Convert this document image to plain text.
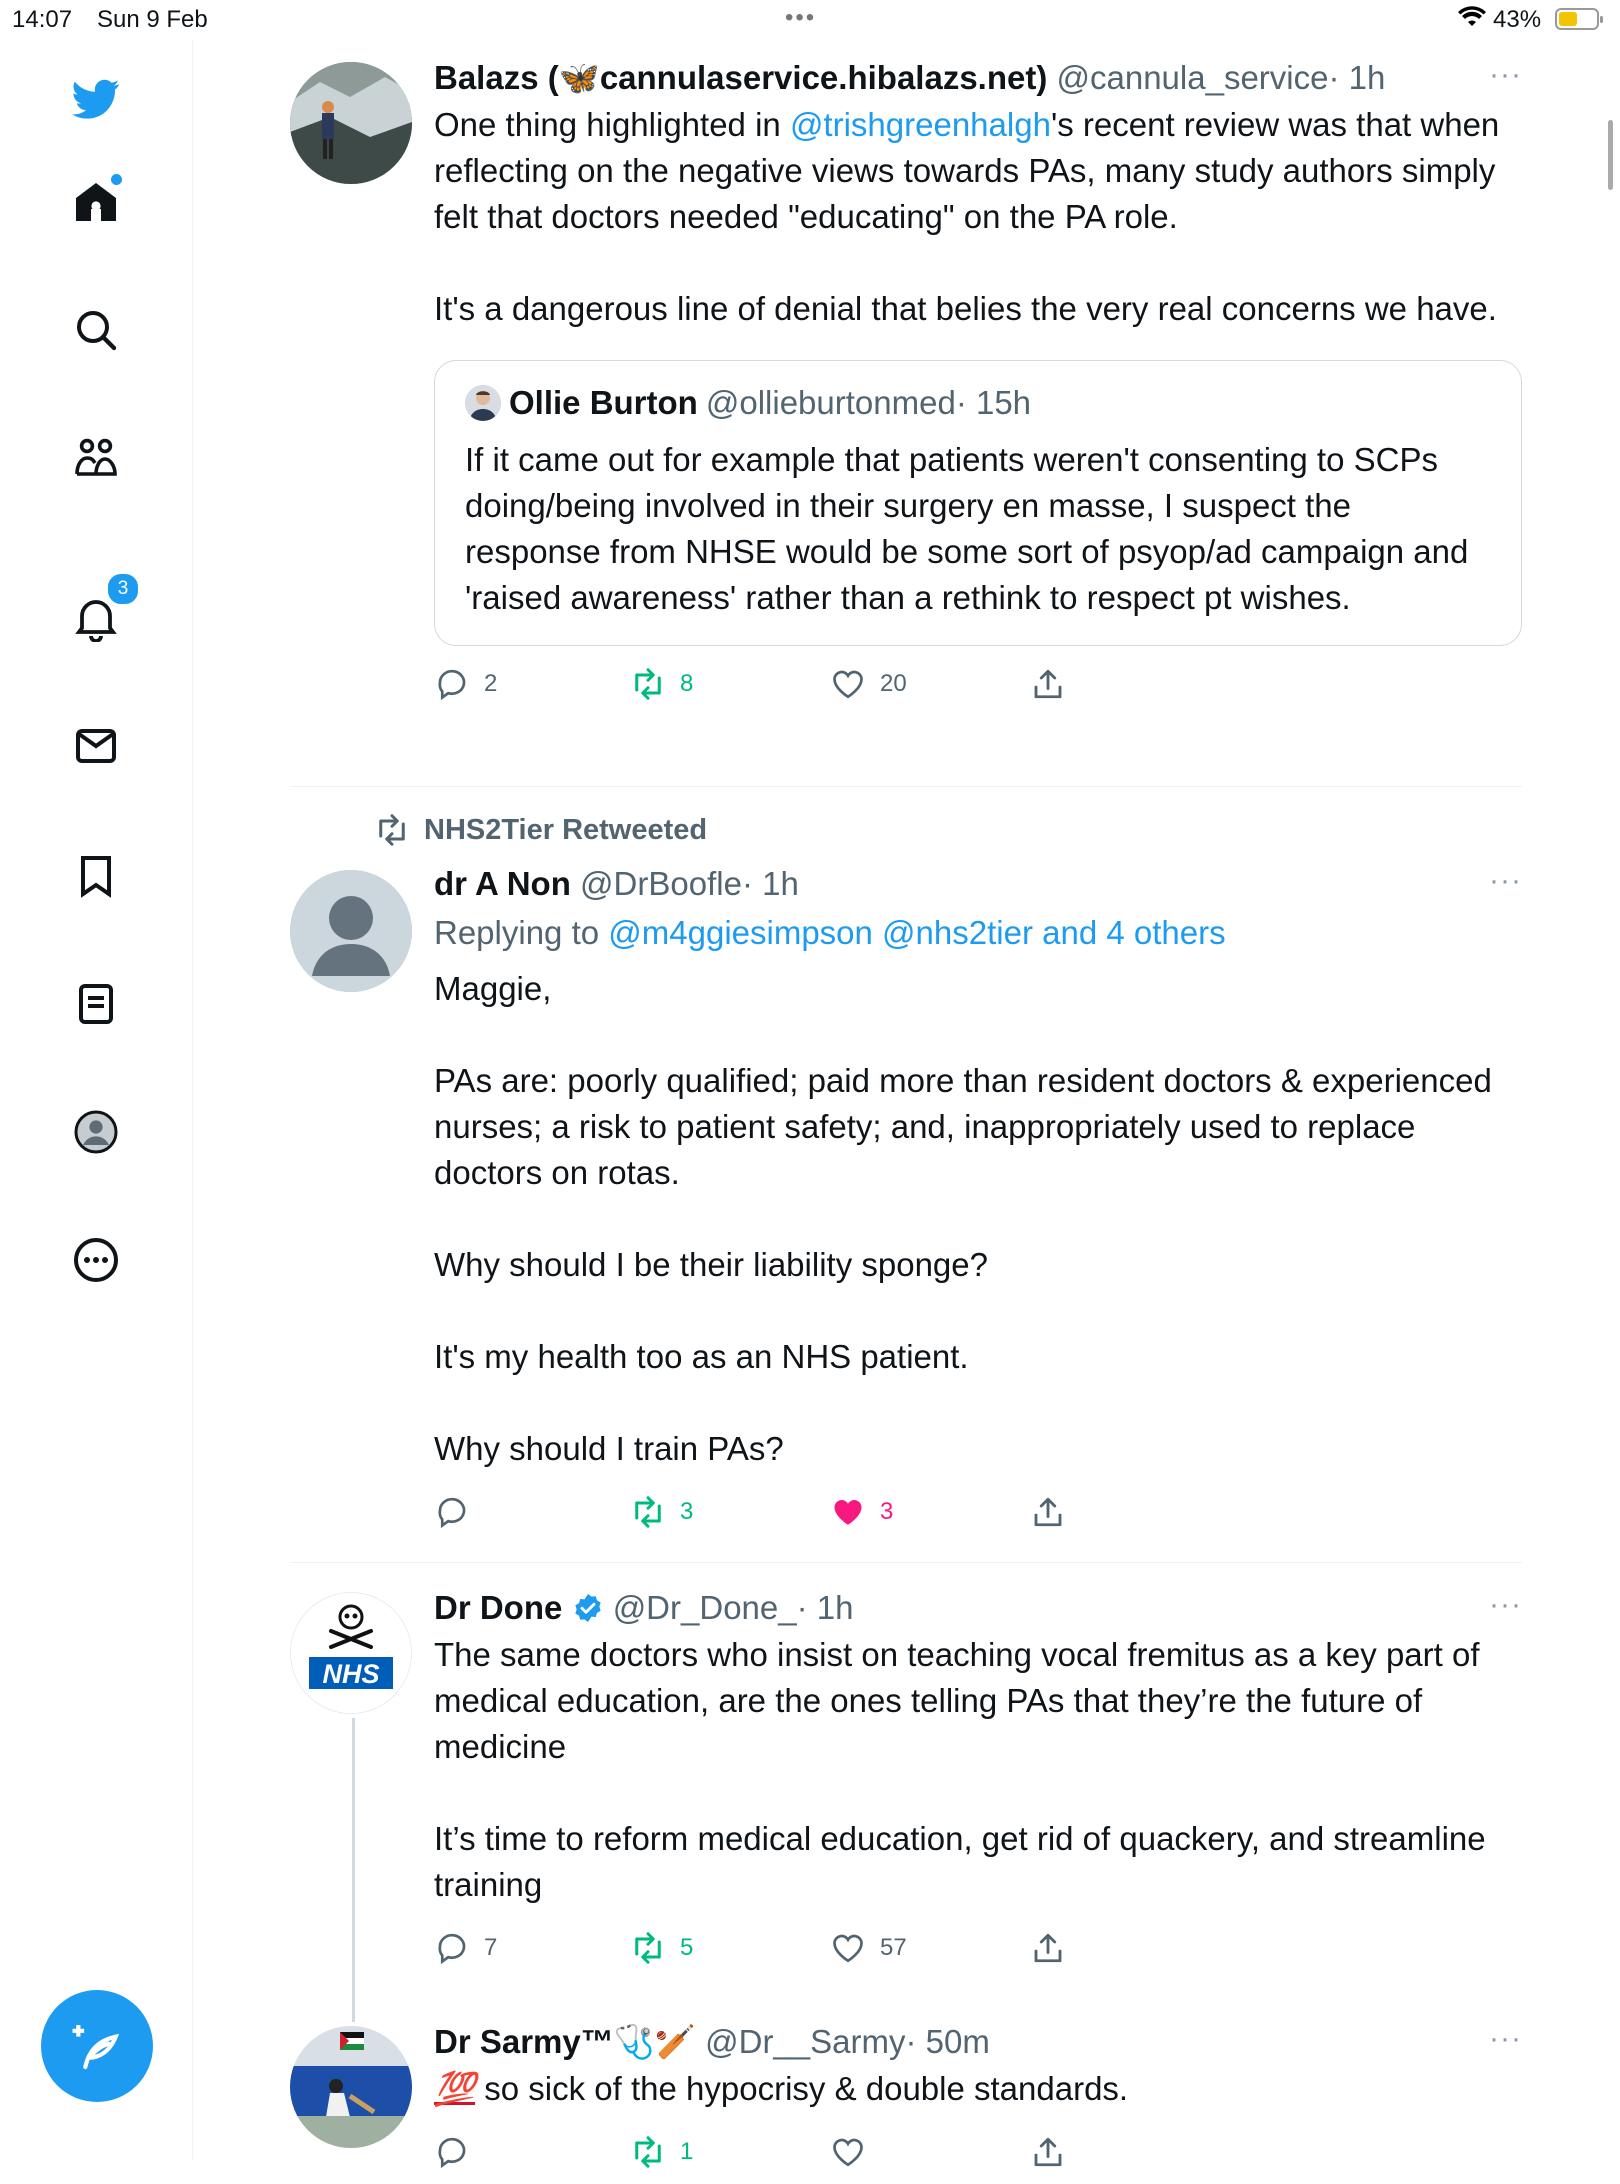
14:07 Sun 9 Feb	•••	43%
3
Balazs (🦋cannulaservice.hibalazs.net) @cannula_service· 1h	···

One thing highlighted in @trishgreenhalgh's recent review was that when reflecting on the negative views towards PAs, many study authors simply felt that doctors needed "educating" on the PA role.

It's a dangerous line of denial that belies the very real concerns we have.

Ollie Burton @ollieburtonmed · 15h
If it came out for example that patients weren't consenting to SCPs doing/being involved in their surgery en masse, I suspect the response from NHSE would be some sort of psyop/ad campaign and 'raised awareness' rather than a rethink to respect pt wishes.
2	8	20
NHS2Tier Retweeted
dr A Non @DrBoofle· 1h	···
Replying to @m4ggiesimpson @nhs2tier and 4 others

Maggie,

PAs are: poorly qualified; paid more than resident doctors & experienced nurses; a risk to patient safety; and, inappropriately used to replace doctors on rotas.

Why should I be their liability sponge?

It's my health too as an NHS patient.

Why should I train PAs?

3	3
NHS
Dr Done @Dr_Done_· 1h	···

The same doctors who insist on teaching vocal fremitus as a key part of medical education, are the ones telling PAs that they’re the future of medicine

It’s time to reform medical education, get rid of quackery, and streamline training

7	5	57
Dr Sarmy™🩺🏏 @Dr__Sarmy· 50m	···
💯 so sick of the hypocrisy & double standards.
1
